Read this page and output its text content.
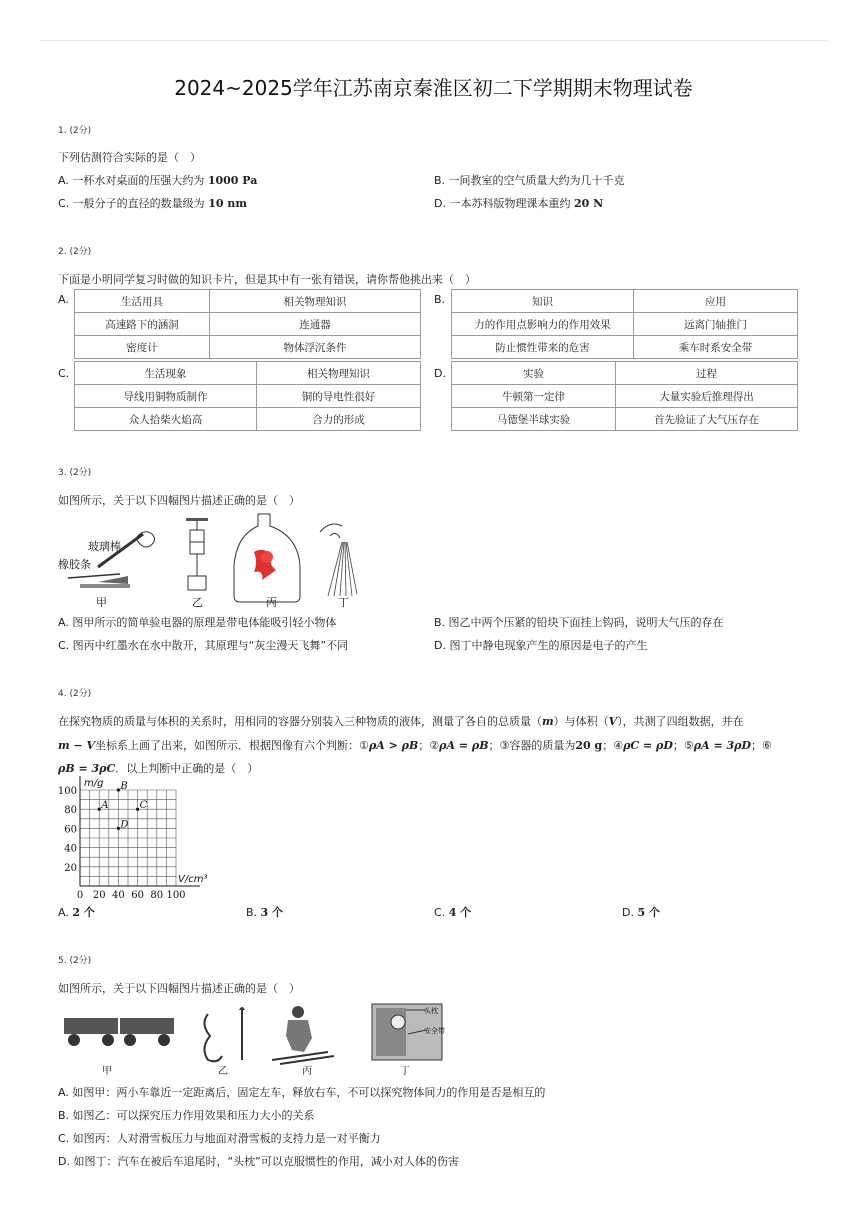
2024~2025学年江苏南京秦淮区初二下学期期末物理试卷
1. (2分)
下列估测符合实际的是（　）
A. 一杯水对桌面的压强大约为 1000 Pa	B. 一间教室的空气质量大约为几十千克
C. 一般分子的直径的数量级为 10 nm	D. 一本苏科版物理课本重约 20 N
2. (2分)
下面是小明同学复习时做的知识卡片，但是其中有一张有错误，请你帮他挑出来（　）
A.	生活用具	相关物理知识
高速路下的涵洞	连通器
密度计	物体浮沉条件
B.	知识	应用
力的作用点影响力的作用效果	远离门轴推门
防止惯性带来的危害	乘车时系安全带
C.	生活现象	相关物理知识
导线用铜物质制作	铜的导电性很好
众人拾柴火焰高	合力的形成
D.	实验	过程
牛顿第一定律	大量实验后推理得出
马德堡半球实验	首先验证了大气压存在
3. (2分)
如图所示，关于以下四幅图片描述正确的是（　）
玻璃棒
橡胶条
甲	乙	丙	丁
A. 图甲所示的简单验电器的原理是带电体能吸引轻小物体	B. 图乙中两个压紧的铅块下面挂上钩码，说明大气压的存在
C. 图丙中红墨水在水中散开，其原理与“灰尘漫天飞舞”不同	D. 图丁中静电现象产生的原因是电子的产生
4. (2分)
在探究物质的质量与体积的关系时，用相同的容器分别装入三种物质的液体，测量了各自的总质量（m）与体积（V），共测了四组数据，并在
m − V坐标系上画了出来，如图所示．根据图像有六个判断：①ρA > ρB；②ρA = ρB；③容器的质量为20 g；④ρC = ρD；⑤ρA = 3ρD；⑥
ρB = 3ρC．以上判断中正确的是（　）
0 20 40 60 80 100
20
40
60
80
100
A
B
C
D
m/g
V/cm³
A. 2 个	B. 3 个	C. 4 个	D. 5 个
5. (2分)
如图所示，关于以下四幅图片描述正确的是（　）
头枕
安全带
甲	乙	丙	丁
A. 如图甲：两小车靠近一定距离后，固定左车，释放右车，不可以探究物体间力的作用是否是相互的
B. 如图乙：可以探究压力作用效果和压力大小的关系
C. 如图丙：人对滑雪板压力与地面对滑雪板的支持力是一对平衡力
D. 如图丁：汽车在被后车追尾时，“头枕”可以克服惯性的作用，减小对人体的伤害
